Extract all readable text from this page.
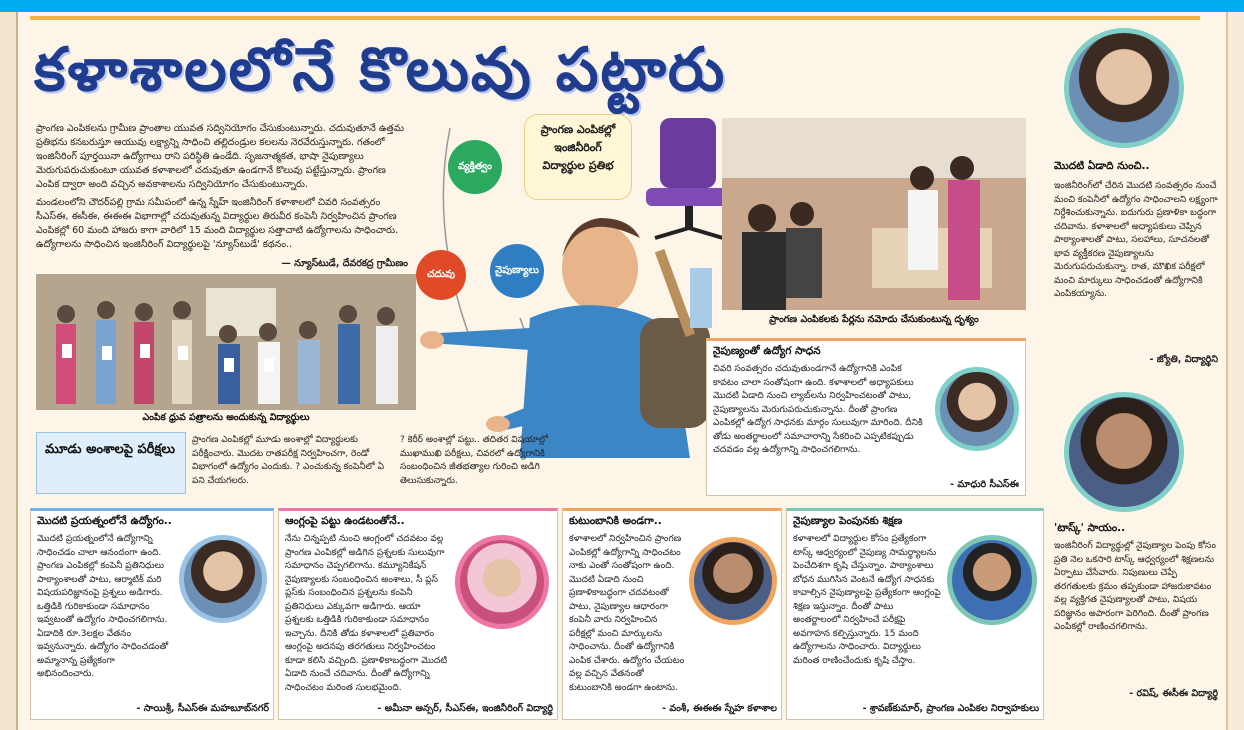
కళాశాలలోనే కొలువు పట్టారు
ప్రాంగణ ఎంపికలను గ్రామీణ ప్రాంతాల యువత సద్వినియోగం చేసుకుంటున్నారు. చదువుతూనే ఉత్తమ ప్రతిభను కనబరుస్తూ ఆయువు లక్ష్యాన్ని సాధించి తల్లిదండ్రుల కలలను నెరవేరుస్తున్నారు. గతంలో ఇంజినీరింగ్ పూర్తయినా ఉద్యోగాలు రాని పరిస్థితి ఉండేది. సృజనాత్మకత, భాషా నైపుణ్యాలు మెరుగుపరుచుకుంటూ యువత కళాశాలలో చదువుతూ ఉండగానే కొలువు పట్టేస్తున్నారు. ప్రాంగణ ఎంపిక ద్వారా అంది వచ్చిన అవకాశాలను సద్వినియోగం చేసుకుంటున్నారు.
మండలంలోని చౌదర్‌పల్లి గ్రామ సమీపంలో ఉన్న స్నేహ్ ఇంజినీరింగ్ కళాశాలలో చివరి సంవత్సరం సీఎస్‌ఈ, ఈసీఈ, ఈఈఈ విభాగాల్లో చదువుతున్న విద్యార్థుల తిరువీర కంపెనీ నిర్వహించిన ప్రాంగణ ఎంపికల్లో 60 మంది హాజరు కాగా వారిలో 15 మంది విద్యార్థుల సత్తాచాటి ఉద్యోగాలను సాధించారు. ఉద్యోగాలను సాధించిన ఇంజినీరింగ్ విద్యార్థులపై 'న్యూస్‌టుడే' కథనం..
— న్యూస్‌టుడే, దేవరకద్ర గ్రామీణం
ఎంపిక ధ్రువ పత్రాలను అందుకున్న విద్యార్థులు
వ్యక్తిత్వం
చదువు	నైపుణ్యాలు
ప్రాంగణ ఎంపికల్లో ఇంజినీరింగ్ విద్యార్థుల ప్రతిభ
ప్రాంగణ ఎంపికలకు పేర్లను నమోదు చేసుకుంటున్న దృశ్యం
మూడు అంశాలపై పరీక్షలు
ప్రాంగణ ఎంపికల్లో మూడు అంశాల్లో విద్యార్థులకు పరీక్షించారు. మొదట రాతపరీక్ష నిర్వహించగా, రెండో విభాగంలో ఉద్యోగం ఎందుకు. ? ఎంచుకున్న కంపెనీలో ఏ పని చేయగలరు.
? కెరీర్ అంశాల్లో పట్టు.. తదితర విషయాల్లో ముఖాముఖి పరీక్షలు, చివరలో ఉద్యోగానికి సంబంధించిన జీతభత్యాల గురించి అడిగి తెలుసుకున్నారు.
నైపుణ్యంతో ఉద్యోగ సాధన
చివరి సంవత్సరం చదువుతుండగానే ఉద్యోగానికి ఎంపిక కావటం చాలా సంతోషంగా ఉంది. కళాశాలలో అధ్యాపకులు మొదటి ఏడాది నుంచి ల్యాబ్‌లను నిర్వహించటంతో పాటు, నైపుణ్యాలను మెరుగుపరుచుకున్నాను. దీంతో ప్రాంగణ ఎంపికల్లో ఉద్యోగ సాధనకు మార్గం సులువుగా మారింది. దీనికి తోడు అంతర్జాలంలో సమాచారాన్ని సేకరించి ఎప్పటికప్పుడు చదవడం వల్ల ఉద్యోగాన్ని సాధించగలిగాను.
- మాధురి సీఎస్ఈ
మొదటి ఏడాది నుంచి..
ఇంజినీరింగ్‌లో చేరిన మొదటి సంవత్సరం నుంచే మంచి కంపెనీలో ఉద్యోగం సాధించాలని లక్ష్యంగా నిర్దేశించుకున్నాను. ఐదుగురు ప్రణాళికా బద్ధంగా చదివాను. కళాశాలలో అధ్యాపకులు చెప్పిన పాఠ్యాంశాలతో పాటు, సలహాలు, సూచనలతో భావ వ్యక్తీకరణ నైపుణ్యాలను మెరుగుపరుచుకున్నా. రాత, మౌఖిక పరీక్షలో మంచి మార్కులు సాధించడంతో ఉద్యోగానికి ఎంపికయ్యాను.
- జ్యోతి, విద్యార్థిని
'టాస్క్' సాయం..
ఇంజినీరింగ్ విద్యార్థుల్లో నైపుణ్యాల పెంపు కోసం ప్రతి నెల ఒకసారి టాస్క్ ఆధ్వర్యంలో శిక్షణలను ఏర్పాటు చేసేవారు. నిపుణులు చెప్పే తరగతులకు క్రమం తప్పకుండా హాజరుకావటం వల్ల వ్యక్తిగత నైపుణ్యాలతో పాటు, విషయ పరిజ్ఞానం అపారంగా పెరిగింది. దీంతో ప్రాంగణ ఎంపికల్లో రాణించగలిగాను.
- రవిష్, ఈసీఈ విద్యార్థి
మొదటి ప్రయత్నంలోనే ఉద్యోగం..
మొదటి ప్రయత్నంలోనే ఉద్యోగాన్ని సాధించడం చాలా ఆనందంగా ఉంది. ప్రాంగణ ఎంపికల్లో కంపెనీ ప్రతినిధులు పాఠ్యాంశాలతో పాటు, ఆర్మాటిక్ మరి విషయపరిజ్ఞానంపై ప్రశ్నలు అడిగారు. ఒత్తిడికి గురికాకుండా సమాధానం ఇవ్వటంతో ఉద్యోగం సాధించగలిగాను. ఏడాదికి రూ.3లక్షల వేతనం ఇవ్వనున్నారు. ఉద్యోగం సాధించడంతో అమ్మానాన్న ప్రత్యేకంగా అభినందించారు.
- సాయిశ్రీ, సీఎస్ఈ మహబూబ్‌నగర్
ఆంగ్లంపై పట్టు ఉండటంతోనే..
నేను చిన్నప్పటి నుంచి ఆంగ్లంలో చదవటం వల్ల ప్రాంగణ ఎంపికల్లో అడిగిన ప్రశ్నలకు సులువుగా సమాధానం చెప్పగలిగాను. కమ్యూనికేషన్ నైపుణ్యాలకు సంబంధించిన అంశాలు, సీ ప్లస్ ప్లస్‌కు సంబంధించిన ప్రశ్నలను కంపెనీ ప్రతినిధులు ఎక్కువగా అడిగారు. ఆయా ప్రశ్నలకు ఒత్తిడికి గురికాకుండా సమాధానం ఇచ్చాను. దీనికి తోడు కళాశాలలో ప్రతివారం ఆంగ్లంపై అదనపు తరగతులు నిర్వహించటం కూడా కలిసి వచ్చింది. ప్రణాళికాబద్ధంగా మొదటి ఏడాది నుంచే చదివాను. దీంతో ఉద్యోగాన్ని సాధించటం మరింత సులభమైంది.
- అమీనా అన్సర్, సీఎస్ఈ, ఇంజినీరింగ్ విద్యార్థి
కుటుంబానికి అండగా..
కళాశాలలో నిర్వహించిన ప్రాంగణ ఎంపికల్లో ఉద్యోగాన్ని సాధించటం నాకు ఎంతో సంతోషంగా ఉంది. మొదటి ఏడాది నుంచి ప్రణాళికాబద్ధంగా చదవటంతో పాటు, నైపుణ్యాల ఆధారంగా కంపెనీ వారు నిర్వహించిన పరీక్షల్లో మంచి మార్కులను సాధించాను. దీంతో ఉద్యోగానికి ఎంపిక చేశారు. ఉద్యోగం చేయటం వల్ల వచ్చిన వేతనంతో కుటుంబానికి అండగా ఉంటాను.
- వంశీ, ఈఈఈ స్నేహ కళాశాల
నైపుణ్యాల పెంపునకు శిక్షణ
కళాశాలలో విద్యార్థుల కోసం ప్రత్యేకంగా టాస్క్ ఆధ్వర్యంలో నైపుణ్య సామర్థ్యాలను పెంచేదిశగా కృషి చేస్తున్నాం. పాఠ్యాంశాలు బోధన ముగిసిన వెంటనే ఉద్యోగ సాధనకు కావాల్సిన నైపుణ్యాలపై ప్రత్యేకంగా ఆంగ్లంపై శిక్షణ ఇస్తున్నాం. దీంతో పాటు అంతర్జాలంలో నిర్వహించే పరీక్షపై అవగాహన కల్పిస్తున్నారు. 15 మంది ఉద్యోగాలను సాధించారు. విద్యార్థులు మరింత రాణించేందుకు కృషి చేస్తాం.
- శ్రావణ్‌కుమార్, ప్రాంగణ ఎంపికల నిర్వాహకులు
